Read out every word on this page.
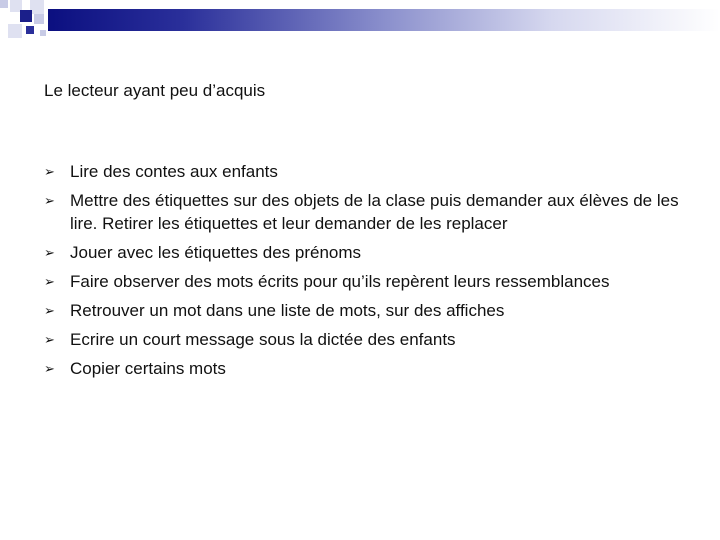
Le lecteur ayant peu d’acquis
➢ Lire des contes aux enfants
➢ Mettre des étiquettes sur des objets de la clase puis demander aux élèves de les lire. Retirer les étiquettes et leur demander de les replacer
➢ Jouer avec les étiquettes des prénoms
➢ Faire observer des mots écrits pour qu’ils repèrent leurs ressemblances
➢ Retrouver un mot dans une liste de mots, sur des affiches
➢ Ecrire un court message sous la dictée des enfants
➢ Copier certains mots
